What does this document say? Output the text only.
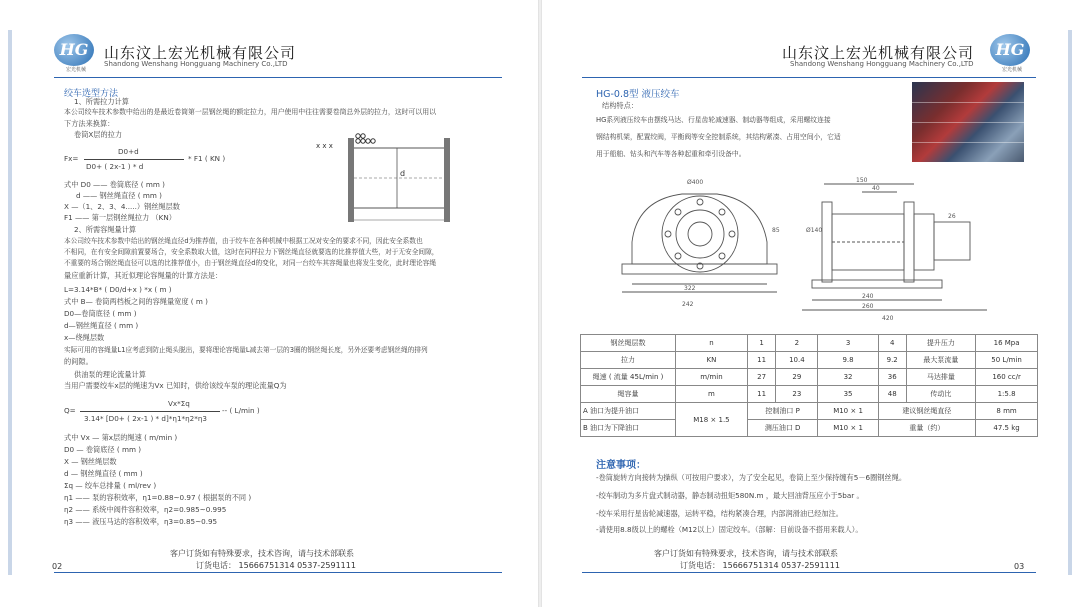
HG
宏光机械
山东汶上宏光机械有限公司
Shandong Wenshang Hongguang Machinery Co.,LTD
绞车选型方法
1、所需拉力计算
本公司绞车技术参数中给出的是最近卷筒第一层钢丝绳的额定拉力，用户使用中往往需要卷筒总外层的拉力，这时可以用以
下方法来换算：
卷筒X层的拉力
D0+d
Fx=	* F1 ( KN )
D0+ ( 2x-1 ) * d
式中 D0 —— 卷筒底径 ( mm )
d —— 钢丝绳直径 ( mm )
X —（1、2、3、4.....）钢丝绳层数
F1 —— 第一层钢丝绳拉力 （KN）
2、所需容绳量计算
本公司绞车技术参数中给出的钢丝绳直径d为推荐值，由于绞车在各种机械中根据工况对安全的要求不同，因此安全系数也
不相同，在有安全间隙前置要场合，安全系数取大值，这时在同样拉力下钢丝绳直径就要选的比推荐值大些，对于无安全间隙，
不重要的场合钢丝绳直径可以选的比推荐值小，由于钢丝绳直径d的变化，对同一台绞车其容绳量也将发生变化，此时理论容绳
量应重新计算，其近似理论容绳量的计算方法是：
L=3.14*B* ( D0/d+x ) *x ( m )
式中 B— 卷筒两档板之间的容绳量宽度 ( m )
D0—卷筒底径 ( mm )
d—钢丝绳直径 ( mm )
x—绕绳层数
实际可用的容绳量L1应考虑到防止绳头脱出，要将理论容绳量L减去第一层的3圈的钢丝绳长度，另外还要考虑钢丝绳的排列
的间隙。
供油泵的理论流量计算
当用户需要绞车x层的绳速为Vx 已知时，供给该绞车泵的理论流量Q为
Vx*Σq
Q=	-- ( L/min )
3.14* [D0+ ( 2x-1 ) * d]*η1*η2*η3
式中 Vx — 第x层的绳速 ( m/min )
D0 — 卷筒底径 ( mm )
X — 钢丝绳层数
d — 钢丝绳直径 ( mm )
Σq — 绞车总排量 ( ml/rev )
η1 —— 泵的容积效率，η1=0.88~0.97 ( 根据泵的不同 )
η2 —— 系统中阀件容积效率，η2=0.985~0.995
η3 —— 液压马达的容积效率，η3=0.85~0.95
d
x x x
客户订货如有特殊要求，技术咨询，请与技术部联系
订货电话： 15666751314 0537-2591111
02
山东汶上宏光机械有限公司
Shandong Wenshang Hongguang Machinery Co.,LTD
HG
宏光机械
HG-0.8型 液压绞车
结构特点：
HG系列液压绞车由摆线马达、行星齿轮减速器、制动器等组成，采用螺纹连接
钢结构机架，配置绞阀，平衡阀等安全控制系统，其结构紧凑、占用空间小，它适
用于船舶、钻头和汽车等各种起重和牵引设备中。
Ø400
85
322
242
150
40
Ø140
240
260
420
26
钢丝绳层数	n	1	2	3	4	提升压力	16 Mpa
拉力	KN	11	10.4	9.8	9.2	最大泵流量	50 L/min
绳速 ( 流量 45L/min )	m/min	27	29	32	36	马达排量	160 cc/r
绳容量	m	11	23	35	48	传动比	1:5.8
A 油口为提升油口	M18 × 1.5	控制油口 P		M10 × 1	建议钢丝绳直径		8 mm
B 油口为下降油口		测压油口 D		M10 × 1	重量（约）		47.5 kg
注意事项：
-卷筒旋转方向接转为操纵（可按用户要求），为了安全起见，卷筒上至少保持缠有5－6圈钢丝绳。
-绞车制动为多片盘式制动器，静态制动扭矩580N.m ，最大回油背压应小于5bar 。
-绞车采用行星齿轮减速器，运转平稳，结构紧凑合理，内部润滑油已经加注。
-请使用8.8级以上的螺栓（M12以上）固定绞车。（部解：目前设备不搭用来载人）。
客户订货如有特殊要求，技术咨询，请与技术部联系
订货电话： 15666751314 0537-2591111	03
